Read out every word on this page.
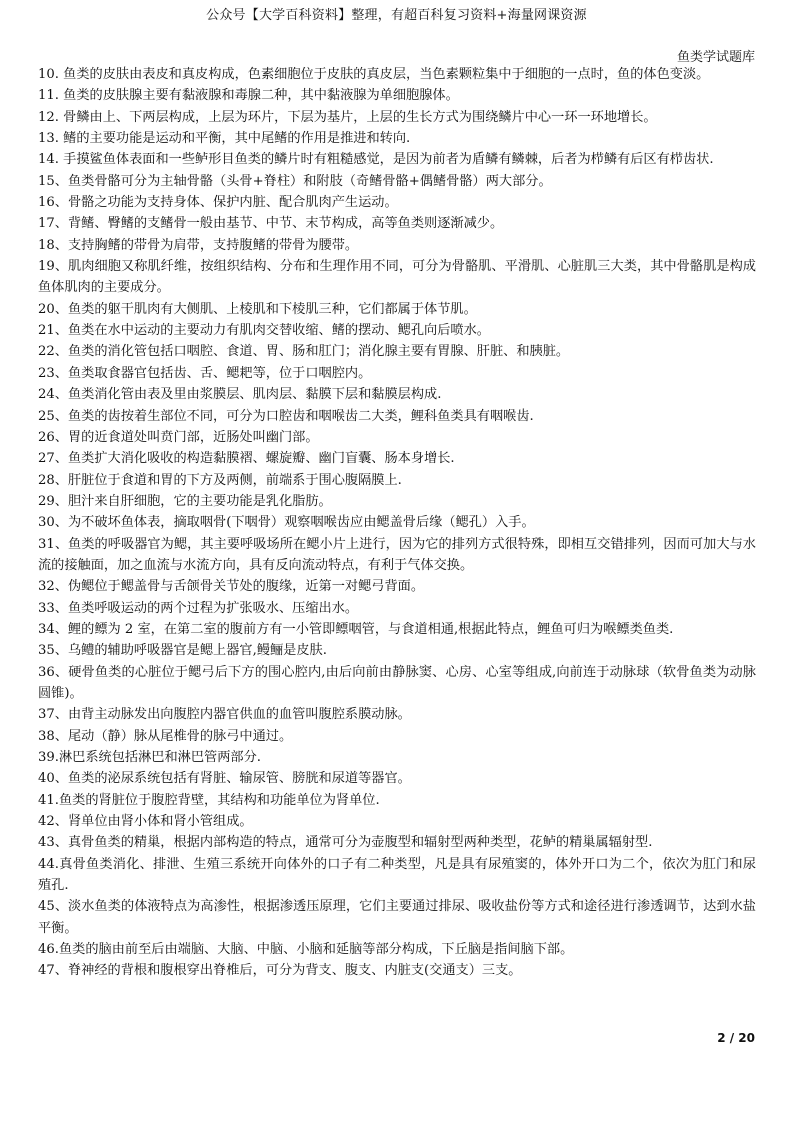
公众号【大学百科资料】整理，有超百科复习资料+海量网课资源
鱼类学试题库

10. 鱼类的皮肤由表皮和真皮构成，色素细胞位于皮肤的真皮层，当色素颗粒集中于细胞的一点时，鱼的体色变淡。

11. 鱼类的皮肤腺主要有黏液腺和毒腺二种，其中黏液腺为单细胞腺体。

12. 骨鳞由上、下两层构成，上层为环片，下层为基片，上层的生长方式为围绕鳞片中心一环一环地增长。

13. 鳍的主要功能是运动和平衡，其中尾鳍的作用是推进和转向.

14. 手摸鲨鱼体表面和一些鲈形目鱼类的鳞片时有粗糙感觉，是因为前者为盾鳞有鳞棘，后者为栉鳞有后区有栉齿状.

15、鱼类骨骼可分为主轴骨骼（头骨+脊柱）和附肢（奇鳍骨骼+偶鳍骨骼）两大部分。

16、骨骼之功能为支持身体、保护内脏、配合肌肉产生运动。

17、背鳍、臀鳍的支鳍骨一般由基节、中节、末节构成，高等鱼类则逐渐减少。

18、支持胸鳍的带骨为肩带，支持腹鳍的带骨为腰带。

19、肌肉细胞又称肌纤维，按组织结构、分布和生理作用不同，可分为骨骼肌、平滑肌、心脏肌三大类，其中骨骼肌是构成鱼体肌肉的主要成分。

20、鱼类的躯干肌肉有大侧肌、上棱肌和下棱肌三种，它们都属于体节肌。

21、鱼类在水中运动的主要动力有肌肉交替收缩、鳍的摆动、鳃孔向后喷水。

22、鱼类的消化管包括口咽腔、食道、胃、肠和肛门；消化腺主要有胃腺、肝脏、和胰脏。

23、鱼类取食器官包括齿、舌、鳃耙等，位于口咽腔内。

24、鱼类消化管由表及里由浆膜层、肌肉层、黏膜下层和黏膜层构成.

25、鱼类的齿按着生部位不同，可分为口腔齿和咽喉齿二大类，鲤科鱼类具有咽喉齿.

26、胃的近食道处叫贲门部，近肠处叫幽门部。

27、鱼类扩大消化吸收的构造黏膜褶、螺旋瓣、幽门盲囊、肠本身增长.

28、肝脏位于食道和胃的下方及两侧，前端系于围心腹隔膜上.

29、胆汁来自肝细胞，它的主要功能是乳化脂肪。

30、为不破坏鱼体表，摘取咽骨(下咽骨）观察咽喉齿应由鳃盖骨后缘（鳃孔）入手。

31、鱼类的呼吸器官为鳃，其主要呼吸场所在鳃小片上进行，因为它的排列方式很特殊，即相互交错排列，因而可加大与水流的接触面，加之血流与水流方向，具有反向流动特点，有利于气体交换。

32、伪鳃位于鳃盖骨与舌颌骨关节处的腹缘，近第一对鳃弓背面。

33、鱼类呼吸运动的两个过程为扩张吸水、压缩出水。

34、鲤的鳔为 2 室，在第二室的腹前方有一小管即鳔咽管，与食道相通,根据此特点，鲤鱼可归为喉鳔类鱼类.

35、乌鳢的辅助呼吸器官是鳃上器官,鳗鲡是皮肤.

36、硬骨鱼类的心脏位于鳃弓后下方的围心腔内,由后向前由静脉窦、心房、心室等组成,向前连于动脉球（软骨鱼类为动脉圆锥)。

37、由背主动脉发出向腹腔内器官供血的血管叫腹腔系膜动脉。

38、尾动（静）脉从尾椎骨的脉弓中通过。

39.淋巴系统包括淋巴和淋巴管两部分.

40、鱼类的泌尿系统包括有肾脏、输尿管、膀胱和尿道等器官。

41.鱼类的肾脏位于腹腔背壁，其结构和功能单位为肾单位.

42、肾单位由肾小体和肾小管组成。

43、真骨鱼类的精巢，根据内部构造的特点，通常可分为壶腹型和辐射型两种类型，花鲈的精巢属辐射型.

44.真骨鱼类消化、排泄、生殖三系统开向体外的口子有二种类型，凡是具有尿殖窦的，体外开口为二个，依次为肛门和尿殖孔.

45、淡水鱼类的体液特点为高渗性，根据渗透压原理，它们主要通过排尿、吸收盐份等方式和途径进行渗透调节，达到水盐平衡。

46.鱼类的脑由前至后由端脑、大脑、中脑、小脑和延脑等部分构成，下丘脑是指间脑下部。

47、脊神经的背根和腹根穿出脊椎后，可分为背支、腹支、内脏支(交通支）三支。

2 / 20
